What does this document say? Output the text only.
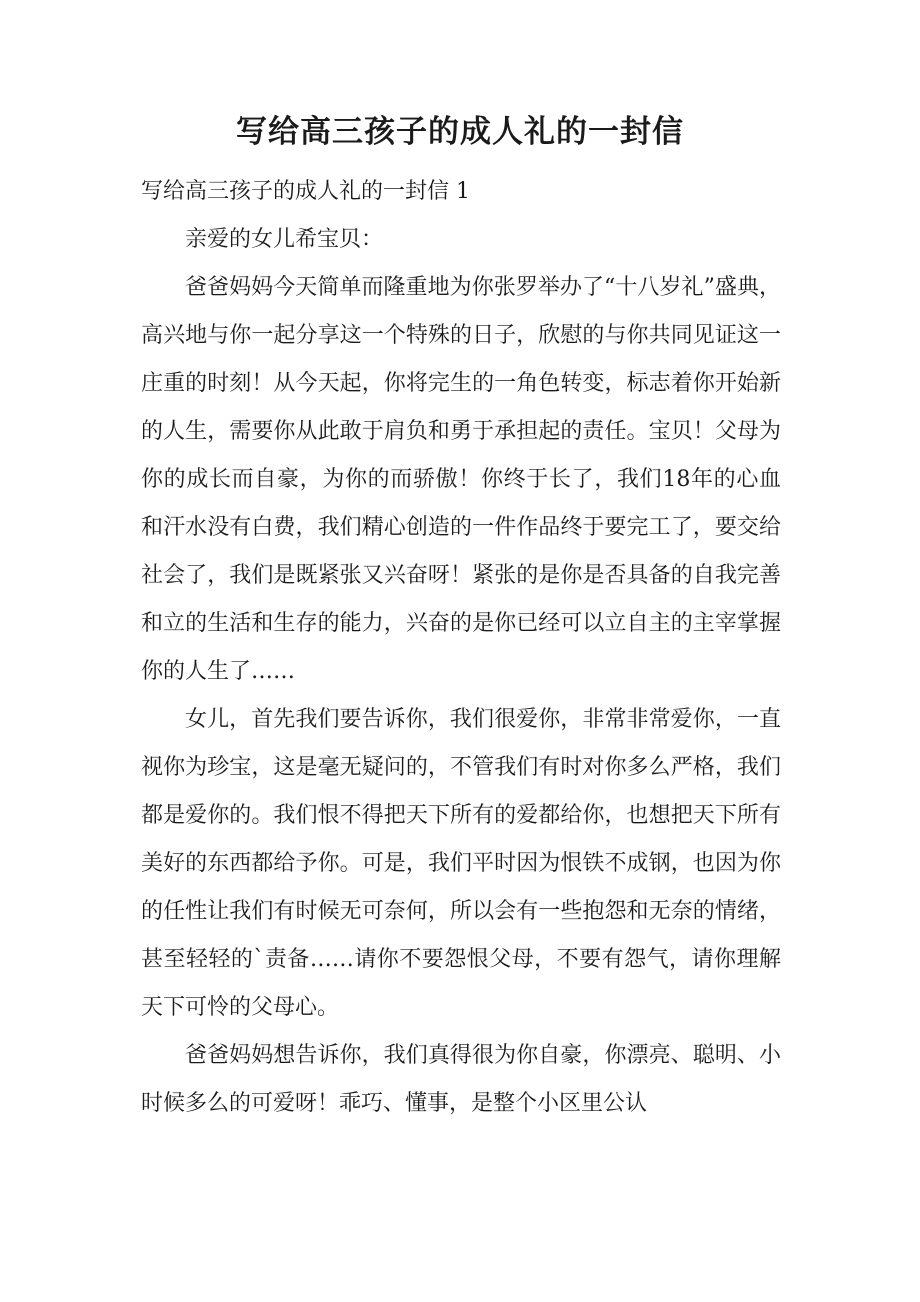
写给高三孩子的成人礼的一封信

写给高三孩子的成人礼的一封信 1

亲爱的女儿希宝贝：

爸爸妈妈今天简单而隆重地为你张罗举办了“十八岁礼”盛典，高兴地与你一起分享这一个特殊的日子，欣慰的与你共同见证这一庄重的时刻！从今天起，你将完生的一角色转变，标志着你开始新的人生，需要你从此敢于肩负和勇于承担起的责任。宝贝！父母为你的成长而自豪，为你的而骄傲！你终于长了，我们18年的心血和汗水没有白费，我们精心创造的一件作品终于要完工了，要交给社会了，我们是既紧张又兴奋呀！紧张的是你是否具备的自我完善和立的生活和生存的能力，兴奋的是你已经可以立自主的主宰掌握你的人生了……

女儿，首先我们要告诉你，我们很爱你，非常非常爱你，一直视你为珍宝，这是毫无疑问的，不管我们有时对你多么严格，我们都是爱你的。我们恨不得把天下所有的爱都给你，也想把天下所有美好的东西都给予你。可是，我们平时因为恨铁不成钢，也因为你的任性让我们有时候无可奈何，所以会有一些抱怨和无奈的情绪，甚至轻轻的`责备……请你不要怨恨父母，不要有怨气，请你理解天下可怜的父母心。

爸爸妈妈想告诉你，我们真得很为你自豪，你漂亮、聪明、小时候多么的可爱呀！乖巧、懂事，是整个小区里公认
